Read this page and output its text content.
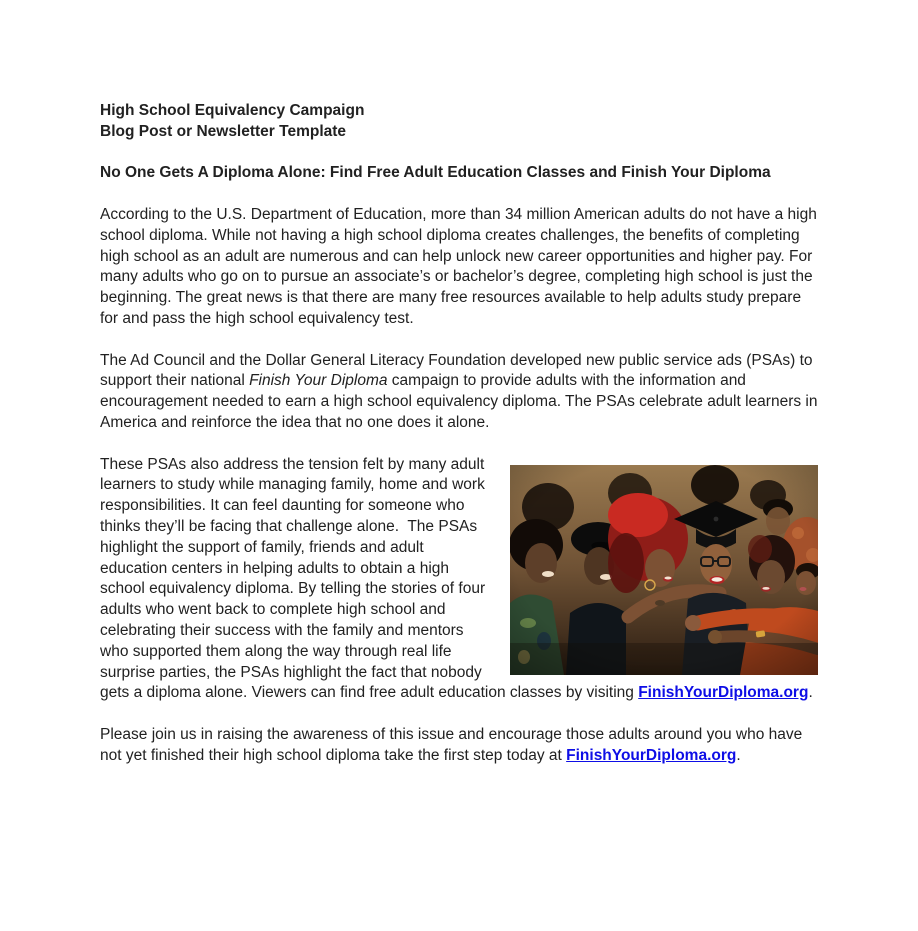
High School Equivalency Campaign
Blog Post or Newsletter Template
No One Gets A Diploma Alone: Find Free Adult Education Classes and Finish Your Diploma

According to the U.S. Department of Education, more than 34 million American adults do not have a high school diploma. While not having a high school diploma creates challenges, the benefits of completing high school as an adult are numerous and can help unlock new career opportunities and higher pay. For many adults who go on to pursue an associate’s or bachelor’s degree, completing high school is just the beginning. The great news is that there are many free resources available to help adults study prepare for and pass the high school equivalency test.

The Ad Council and the Dollar General Literacy Foundation developed new public service ads (PSAs) to support their national Finish Your Diploma campaign to provide adults with the information and encouragement needed to earn a high school equivalency diploma. The PSAs celebrate adult learners in America and reinforce the idea that no one does it alone.

These PSAs also address the tension felt by many adult learners to study while managing family, home and work responsibilities. It can feel daunting for someone who thinks they’ll be facing that challenge alone.  The PSAs highlight the support of family, friends and adult education centers in helping adults to obtain a high school equivalency diploma. By telling the stories of four adults who went back to complete high school and celebrating their success with the family and mentors who supported them along the way through real life surprise parties, the PSAs highlight the fact that nobody gets a diploma alone. Viewers can find free adult education classes by visiting FinishYourDiploma.org.

Please join us in raising the awareness of this issue and encourage those adults around you who have not yet finished their high school diploma take the first step today at FinishYourDiploma.org.
